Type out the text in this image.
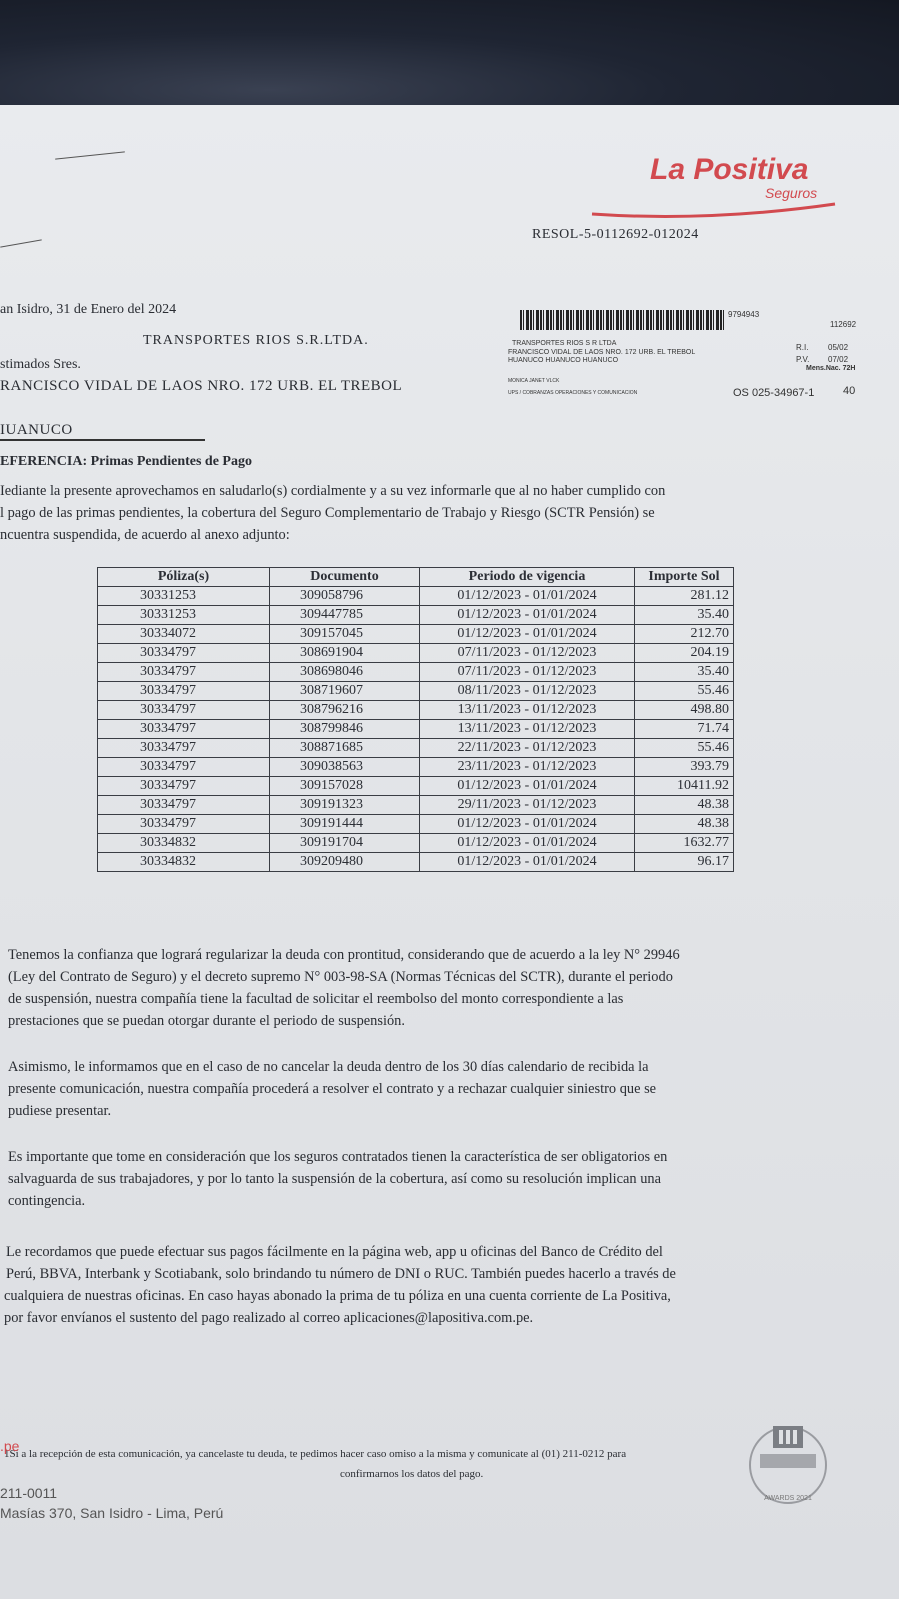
La Positiva
Seguros
RESOL-5-0112692-012024
an Isidro, 31 de Enero del 2024
TRANSPORTES RIOS S.R.LTDA.
stimados Sres.
RANCISCO VIDAL DE LAOS NRO. 172 URB. EL TREBOL
IUANUCO
EFERENCIA: Primas Pendientes de Pago
9794943
112692
TRANSPORTES RIOS S R LTDA
FRANCISCO VIDAL DE LAOS NRO. 172 URB. EL TREBOL
HUANUCO HUANUCO HUANUCO
MONICA JANET VLCK
UPS / COBRANZAS OPERACIONES Y COMUNICACION
R.I. 05/02
P.V. 07/02
Mens.Nac. 72H
OS 025-34967-1	40
Iediante la presente aprovechamos en saludarlo(s) cordialmente y a su vez informarle que al no haber cumplido con
l pago de las primas pendientes, la cobertura del Seguro Complementario de Trabajo y Riesgo (SCTR Pensión) se
ncuentra suspendida, de acuerdo al anexo adjunto:
Póliza(s)	Documento	Periodo de vigencia	Importe Sol
30331253	309058796	01/12/2023 - 01/01/2024	281.12
30331253	309447785	01/12/2023 - 01/01/2024	35.40
30334072	309157045	01/12/2023 - 01/01/2024	212.70
30334797	308691904	07/11/2023 - 01/12/2023	204.19
30334797	308698046	07/11/2023 - 01/12/2023	35.40
30334797	308719607	08/11/2023 - 01/12/2023	55.46
30334797	308796216	13/11/2023 - 01/12/2023	498.80
30334797	308799846	13/11/2023 - 01/12/2023	71.74
30334797	308871685	22/11/2023 - 01/12/2023	55.46
30334797	309038563	23/11/2023 - 01/12/2023	393.79
30334797	309157028	01/12/2023 - 01/01/2024	10411.92
30334797	309191323	29/11/2023 - 01/12/2023	48.38
30334797	309191444	01/12/2023 - 01/01/2024	48.38
30334832	309191704	01/12/2023 - 01/01/2024	1632.77
30334832	309209480	01/12/2023 - 01/01/2024	96.17
Tenemos la confianza que logrará regularizar la deuda con prontitud, considerando que de acuerdo a la ley N° 29946
(Ley del Contrato de Seguro) y el decreto supremo N° 003-98-SA (Normas Técnicas del SCTR), durante el periodo
de suspensión, nuestra compañía tiene la facultad de solicitar el reembolso del monto correspondiente a las
prestaciones que se puedan otorgar durante el periodo de suspensión.
Asimismo, le informamos que en el caso de no cancelar la deuda dentro de los 30 días calendario de recibida la
presente comunicación, nuestra compañía procederá a resolver el contrato y a rechazar cualquier siniestro que se
pudiese presentar.
Es importante que tome en consideración que los seguros contratados tienen la característica de ser obligatorios en
salvaguarda de sus trabajadores, y por lo tanto la suspensión de la cobertura, así como su resolución implican una
contingencia.
Le recordamos que puede efectuar sus pagos fácilmente en la página web, app u oficinas del Banco de Crédito del
Perú, BBVA, Interbank y Scotiabank, solo brindando tu número de DNI o RUC. También puedes hacerlo a través de
cualquiera de nuestras oficinas. En caso hayas abonado la prima de tu póliza en una cuenta corriente de La Positiva,
por favor envíanos el sustento del pago realizado al correo aplicaciones@lapositiva.com.pe.
1Si a la recepción de esta comunicación, ya cancelaste tu deuda, te pedimos hacer caso omiso a la misma y comunicate al (01) 211-0212 para
confirmarnos los datos del pago.
.pe
211-0011
Masías 370, San Isidro - Lima, Perú
AWARDS 2021
